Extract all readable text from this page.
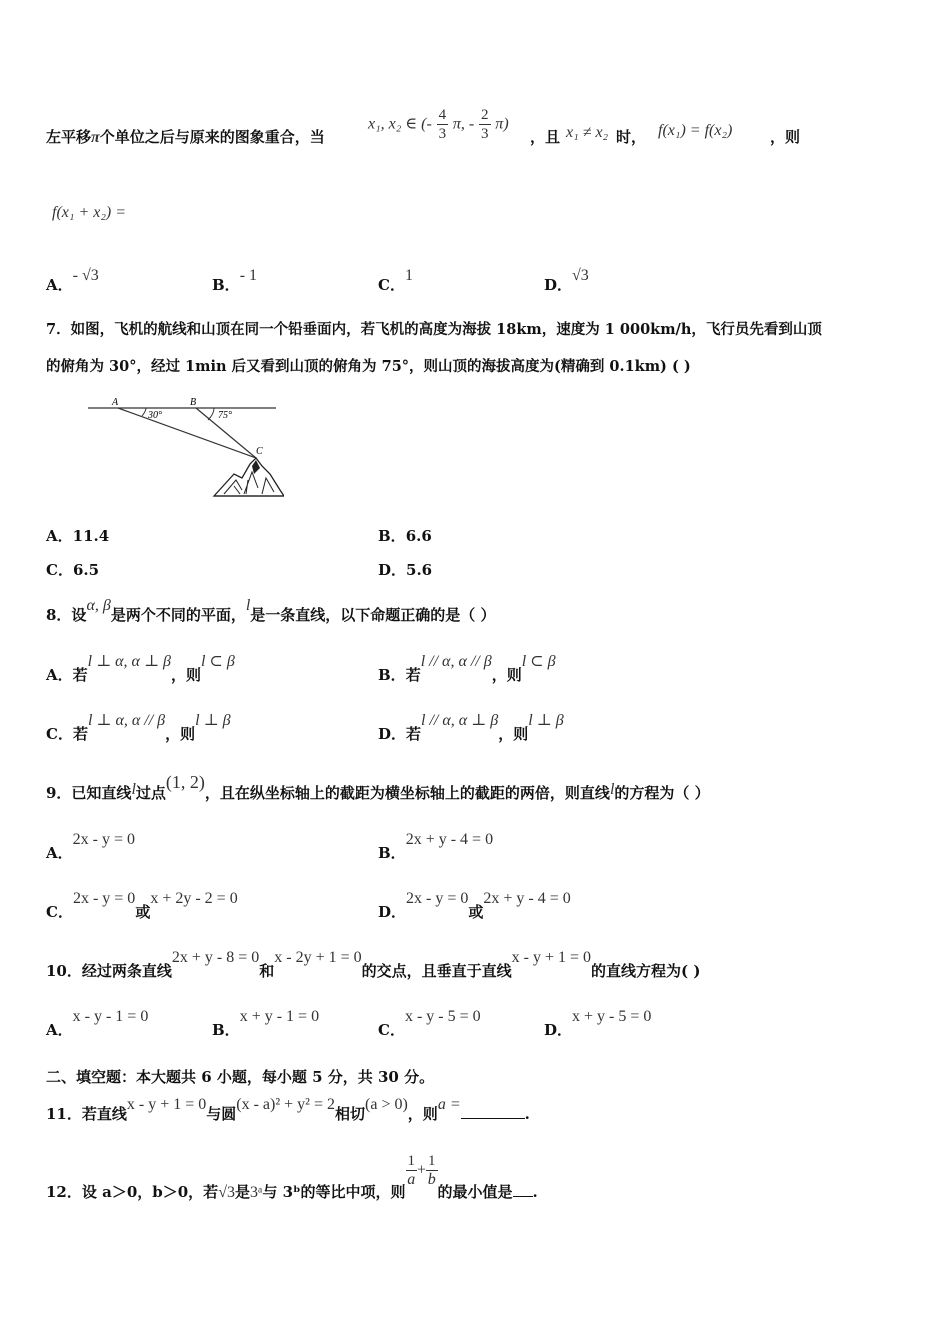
左平移π个单位之后与原来的图象重合，当
x₁, x₂ ∈ (- $\frac{4}{3} \pi$, - $\frac{2}{3} \pi$)
，且 x₁ ≠ x₂ 时， f(x₁) = f(x₂)	，则
f(x₁ + x₂) =
A．- √3
B．- 1
C．1
D．√3
7．如图，飞机的航线和山顶在同一个铅垂面内，若飞机的高度为海拔 18km，速度为 1 000km/h，飞行员先看到山顶
的俯角为 30°，经过 1min 后又看到山顶的俯角为 75°，则山顶的海拔高度为(精确到 0.1km) ( )
A	B
C
30°	75°
A．11.4	B．6.6
C．6.5	D．5.6
8．设α, β是两个不同的平面，l是一条直线，以下命题正确的是（ ）
A．若l ⊥ α, α ⊥ β，则l ⊂ β
B．若l // α, α // β，则l ⊂ β
C．若l ⊥ α, α // β，则l ⊥ β
D．若l // α, α ⊥ β，则l ⊥ β
9．已知直线l过点(1, 2)，且在纵坐标轴上的截距为横坐标轴上的截距的两倍，则直线l的方程为（ ）
A．2x - y = 0
B．2x + y - 4 = 0
C．2x - y = 0或x + 2y - 2 = 0
D．2x - y = 0或2x + y - 4 = 0
10．经过两条直线2x + y - 8 = 0和x - 2y + 1 = 0的交点，且垂直于直线x - y + 1 = 0的直线方程为( )
A．x - y - 1 = 0
B．x + y - 1 = 0
C．x - y - 5 = 0
D．x + y - 5 = 0
二、填空题：本大题共 6 小题，每小题 5 分，共 30 分。
11．若直线x - y + 1 = 0与圆(x - a)² + y² = 2相切(a > 0)，则a =.
12．设 a＞0，b＞0，若√3是3ᵃ与 3ᵇ的等比中项，则
$\frac{1}{a} + \frac{1}{b}$
的最小值是 .
